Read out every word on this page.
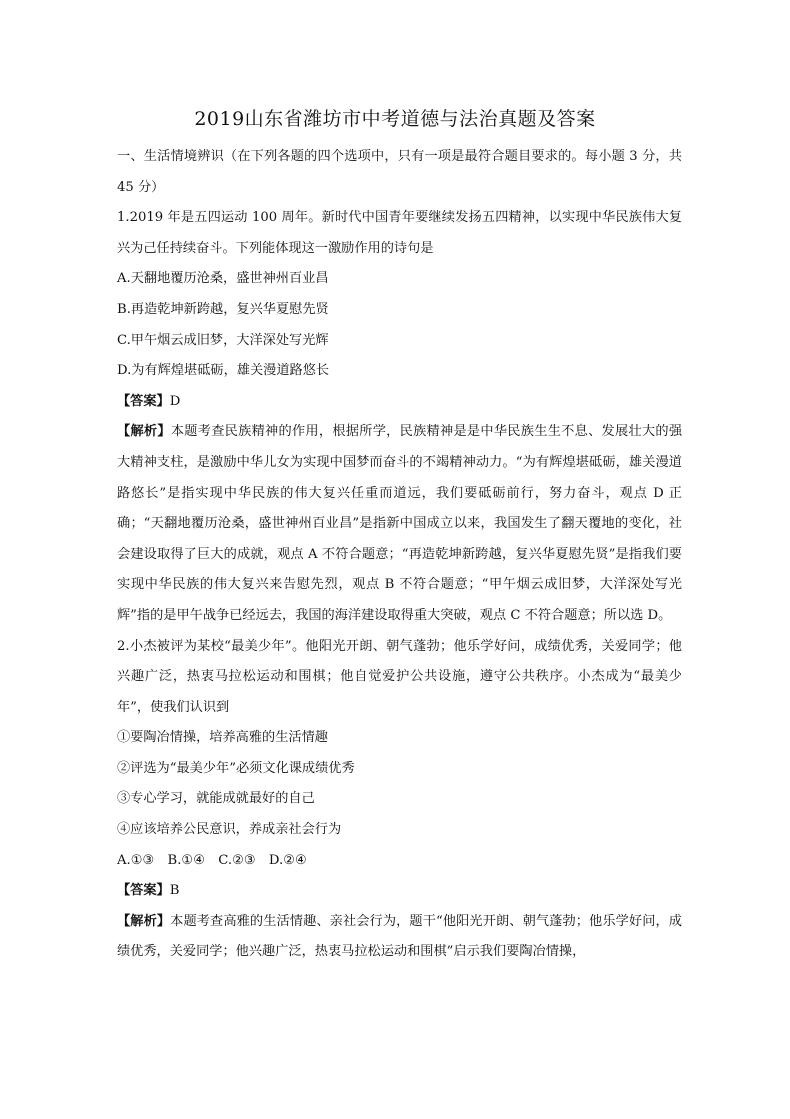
2019山东省潍坊市中考道德与法治真题及答案

一、生活情境辨识（在下列各题的四个选项中，只有一项是最符合题目要求的。每小题 3 分，共 45 分）

1.2019 年是五四运动 100 周年。新时代中国青年要继续发扬五四精神，以实现中华民族伟大复兴为己任持续奋斗。下列能体现这一激励作用的诗句是

A.天翻地覆历沧桑，盛世神州百业昌
B.再造乾坤新跨越，复兴华夏慰先贤
C.甲午烟云成旧梦，大洋深处写光辉
D.为有辉煌堪砥砺，雄关漫道路悠长
【答案】D

【解析】本题考查民族精神的作用，根据所学，民族精神是是中华民族生生不息、发展壮大的强大精神支柱，是激励中华儿女为实现中国梦而奋斗的不竭精神动力。“为有辉煌堪砥砺，雄关漫道路悠长”是指实现中华民族的伟大复兴任重而道远，我们要砥砺前行，努力奋斗，观点 D 正确；“天翻地覆历沧桑，盛世神州百业昌”是指新中国成立以来，我国发生了翻天覆地的变化，社会建设取得了巨大的成就，观点 A 不符合题意；“再造乾坤新跨越，复兴华夏慰先贤”是指我们要实现中华民族的伟大复兴来告慰先烈，观点 B 不符合题意；“甲午烟云成旧梦，大洋深处写光辉”指的是甲午战争已经远去，我国的海洋建设取得重大突破，观点 C 不符合题意；所以选 D。

2.小杰被评为某校“最美少年”。他阳光开朗、朝气蓬勃；他乐学好问，成绩优秀，关爱同学；他兴趣广泛，热衷马拉松运动和围棋；他自觉爱护公共设施，遵守公共秩序。小杰成为“最美少年”，使我们认识到

①要陶冶情操，培养高雅的生活情趣
②评选为“最美少年”必须文化课成绩优秀
③专心学习，就能成就最好的自己
④应该培养公民意识，养成亲社会行为
A.①③　B.①④　C.②③　D.②④
【答案】B

【解析】本题考查高雅的生活情趣、亲社会行为，题干“他阳光开朗、朝气蓬勃；他乐学好问，成绩优秀，关爱同学；他兴趣广泛，热衷马拉松运动和围棋”启示我们要陶冶情操，
